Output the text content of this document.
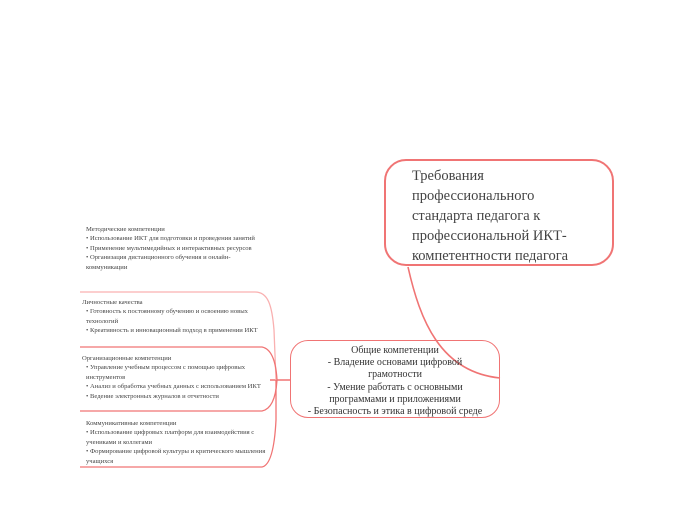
Требования
профессионального
стандарта педагога к
профессиональной ИКТ-
компетентности педагога
Общие компетенции
- Владение основами цифровой
грамотности
- Умение работать с основными
программами и приложениями
- Безопасность и этика в цифровой среде
Методические компетенции
• Использование ИКТ для подготовки и проведения занятий
• Применение мультимедийных и интерактивных ресурсов
• Организация дистанционного обучения и онлайн-коммуникации
Личностные качества
• Готовность к постоянному обучению и освоению новых технологий
• Креативность и инновационный подход в применении ИКТ
Организационные компетенции
• Управление учебным процессом с помощью цифровых инструментов
• Анализ и обработка учебных данных с использованием ИКТ
• Ведение электронных журналов и отчетности
Коммуникативные компетенции
• Использование цифровых платформ для взаимодействия с учениками и коллегами
• Формирование цифровой культуры и критического мышления учащихся
